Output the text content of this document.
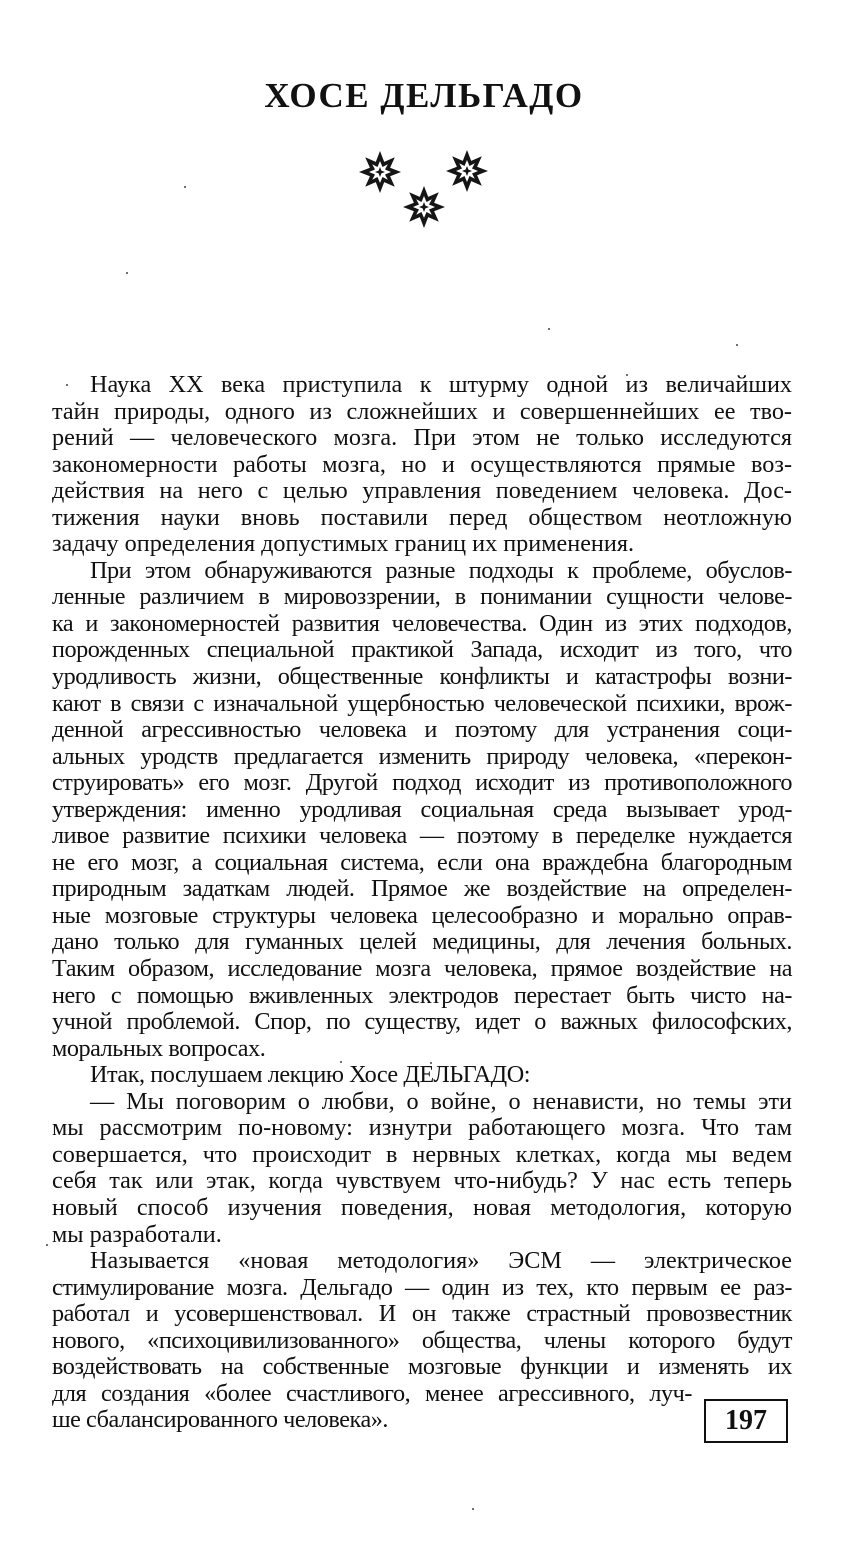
ХОСЕ ДЕЛЬГАДО
Наука XX века приступила к штурму одной из величайших
тайн природы, одного из сложнейших и совершеннейших ее тво-
рений — человеческого мозга. При этом не только исследуются
закономерности работы мозга, но и осуществляются прямые воз-
действия на него с целью управления поведением человека. Дос-
тижения науки вновь поставили перед обществом неотложную
задачу определения допустимых границ их применения.
При этом обнаруживаются разные подходы к проблеме, обуслов-
ленные различием в мировоззрении, в понимании сущности челове-
ка и закономерностей развития человечества. Один из этих подходов,
порожденных специальной практикой Запада, исходит из того, что
уродливость жизни, общественные конфликты и катастрофы возни-
кают в связи с изначальной ущербностью человеческой психики, врож-
денной агрессивностью человека и поэтому для устранения соци-
альных уродств предлагается изменить природу человека, «перекон-
струировать» его мозг. Другой подход исходит из противоположного
утверждения: именно уродливая социальная среда вызывает урод-
ливое развитие психики человека — поэтому в переделке нуждается
не его мозг, а социальная система, если она враждебна благородным
природным задаткам людей. Прямое же воздействие на определен-
ные мозговые структуры человека целесообразно и морально оправ-
дано только для гуманных целей медицины, для лечения больных.
Таким образом, исследование мозга человека, прямое воздействие на
него с помощью вживленных электродов перестает быть чисто на-
учной проблемой. Спор, по существу, идет о важных философских,
моральных вопросах.
Итак, послушаем лекцию Хосе ДЕЛЬГАДО:
— Мы поговорим о любви, о войне, о ненависти, но темы эти
мы рассмотрим по-новому: изнутри работающего мозга. Что там
совершается, что происходит в нервных клетках, когда мы ведем
себя так или этак, когда чувствуем что-нибудь? У нас есть теперь
новый способ изучения поведения, новая методология, которую
мы разработали.
Называется «новая методология» ЭСМ — электрическое
стимулирование мозга. Дельгадо — один из тех, кто первым ее раз-
работал и усовершенствовал. И он также страстный провозвестник
нового, «психоцивилизованного» общества, члены которого будут
воздействовать на собственные мозговые функции и изменять их
для создания «более счастливого, менее агрессивного, луч-
ше сбалансированного человека».	197
